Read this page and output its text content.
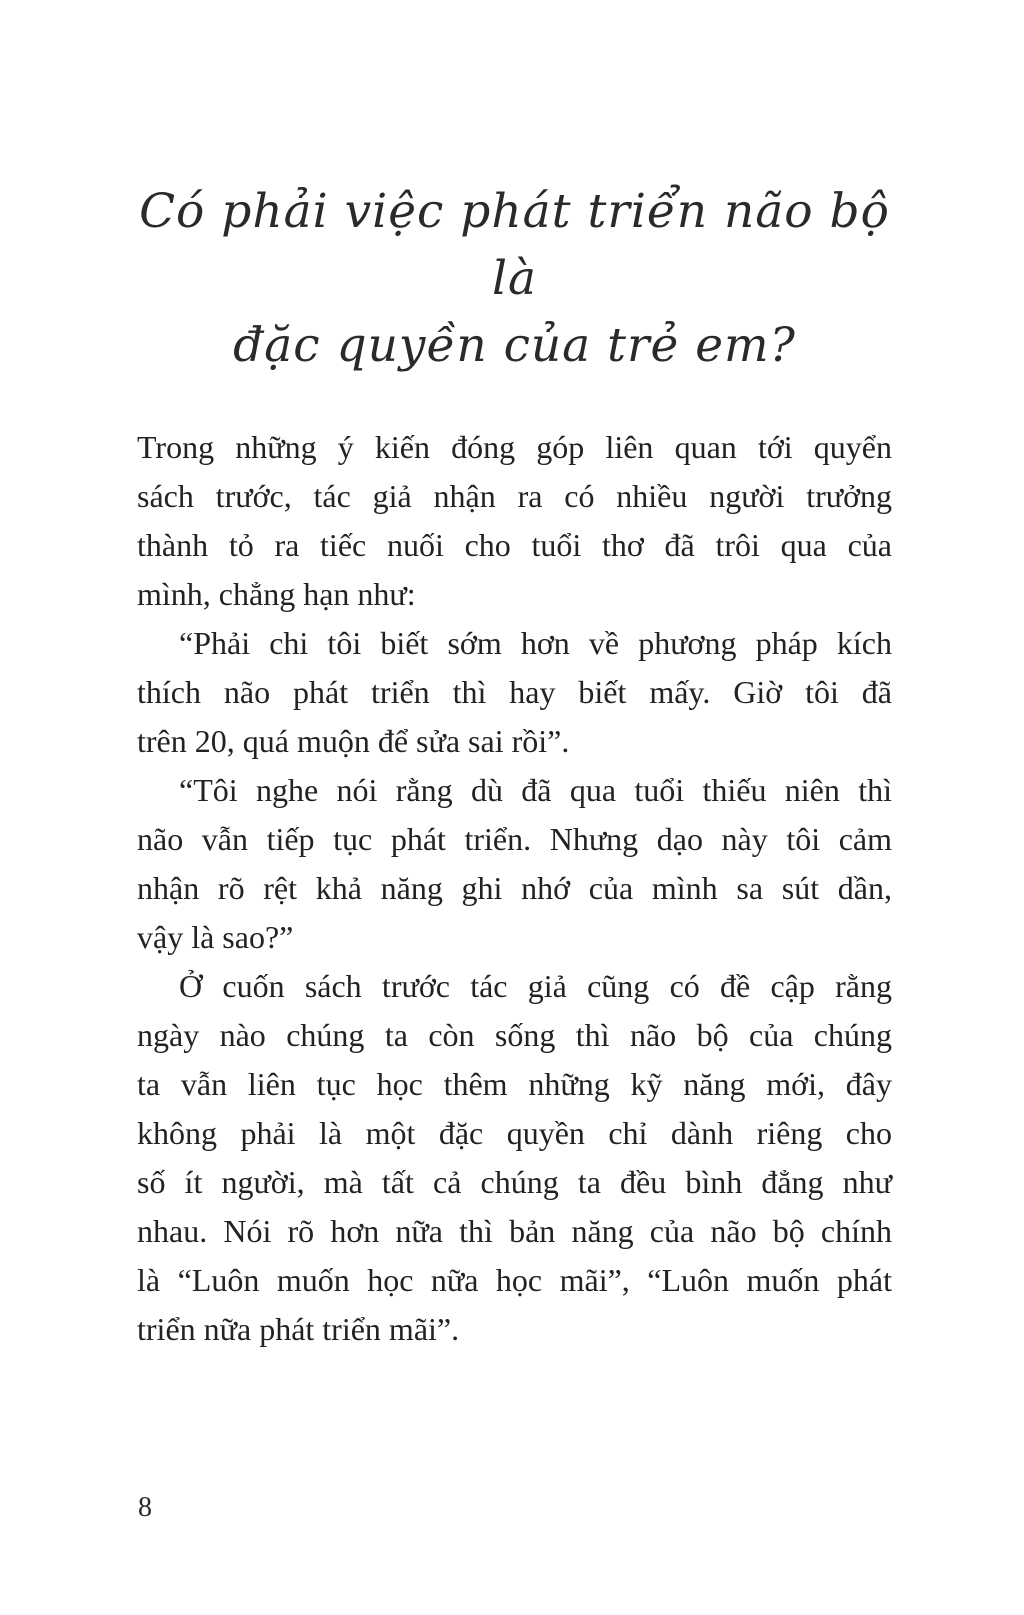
Có phải việc phát triển não bộ là
đặc quyền của trẻ em?

Trong những ý kiến đóng góp liên quan tới quyển
sách trước, tác giả nhận ra có nhiều người trưởng
thành tỏ ra tiếc nuối cho tuổi thơ đã trôi qua của
mình, chẳng hạn như:

“Phải chi tôi biết sớm hơn về phương pháp kích
thích não phát triển thì hay biết mấy. Giờ tôi đã
trên 20, quá muộn để sửa sai rồi”.

“Tôi nghe nói rằng dù đã qua tuổi thiếu niên thì
não vẫn tiếp tục phát triển. Nhưng dạo này tôi cảm
nhận rõ rệt khả năng ghi nhớ của mình sa sút dần,
vậy là sao?”

Ở cuốn sách trước tác giả cũng có đề cập rằng
ngày nào chúng ta còn sống thì não bộ của chúng
ta vẫn liên tục học thêm những kỹ năng mới, đây
không phải là một đặc quyền chỉ dành riêng cho
số ít người, mà tất cả chúng ta đều bình đẳng như
nhau. Nói rõ hơn nữa thì bản năng của não bộ chính
là “Luôn muốn học nữa học mãi”, “Luôn muốn phát
triển nữa phát triển mãi”.

8
